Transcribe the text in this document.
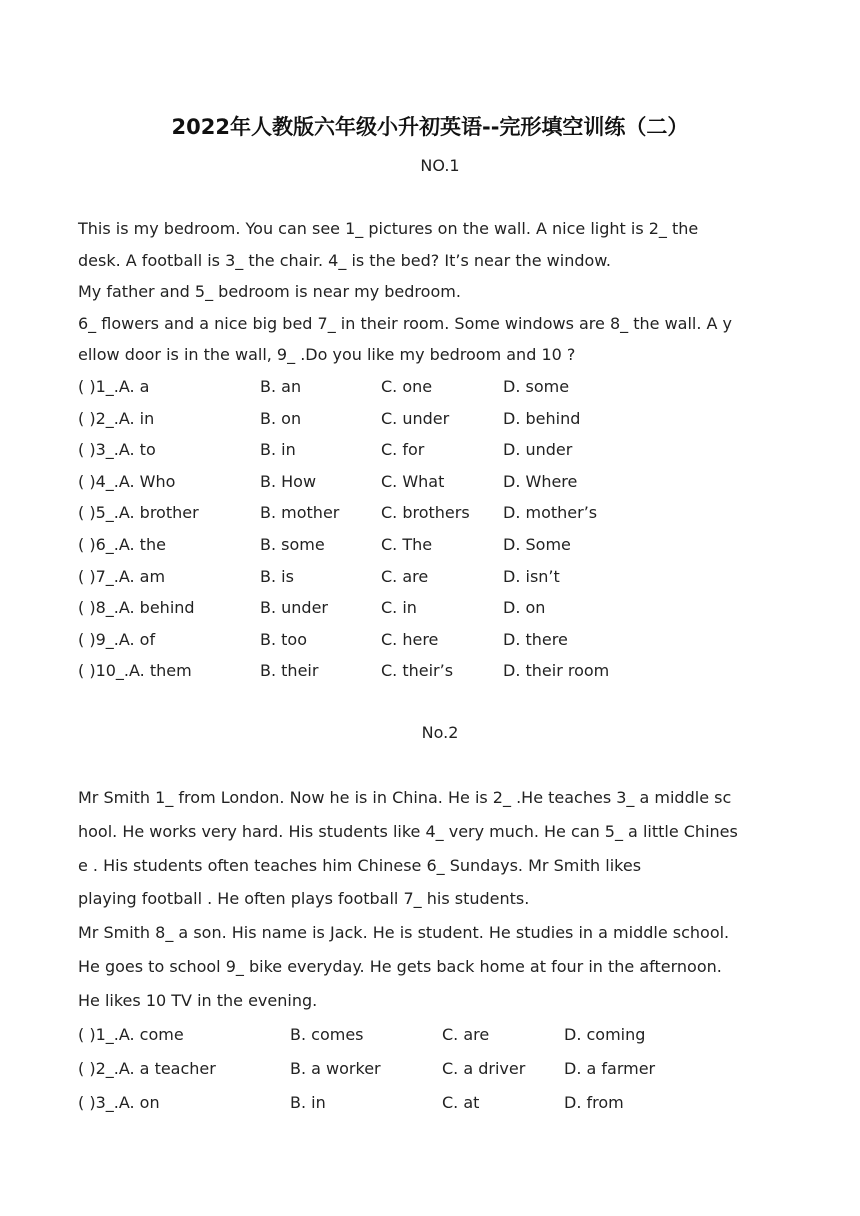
2022年人教版六年级小升初英语--完形填空训练（二）
NO.1
This is my bedroom. You can see 1_ pictures on the wall. A nice light is 2_ the
desk. A football is 3_ the chair. 4_ is the bed? It’s near the window.
My father and 5_ bedroom is near my bedroom.
6_ flowers and a nice big bed 7_ in their room. Some windows are 8_ the wall. A y
ellow door is in the wall, 9_ .Do you like my bedroom and 10 ?
( )1_.A. a	B. an	C. one	D. some
( )2_.A. in	B. on	C. under	D. behind
( )3_.A. to	B. in	C. for	D. under
( )4_.A. Who	B. How	C. What	D. Where
( )5_.A. brother	B. mother	C. brothers D. mother’s
( )6_.A. the	B. some	C. The	D. Some
( )7_.A. am	B. is	C. are	D. isn’t
( )8_.A. behind	B. under	C. in	D. on
( )9_.A. of	B. too	C. here	D. there
( )10_.A. them	B. their	C. their’s	D. their room
No.2
Mr Smith 1_ from London. Now he is in China. He is 2_ .He teaches 3_ a middle sc
hool. He works very hard. His students like 4_ very much. He can 5_ a little Chines
e . His students often teaches him Chinese 6_ Sundays. Mr Smith likes
playing football . He often plays football 7_ his students.
Mr Smith 8_ a son. His name is Jack. He is student. He studies in a middle school.
He goes to school 9_ bike everyday. He gets back home at four in the afternoon.
He likes 10 TV in the evening.
( )1_.A. come	B. comes	C. are	D. coming
( )2_.A. a teacher	B. a worker	C. a driver D. a farmer
( )3_.A. on	B. in	C. at	D. from
